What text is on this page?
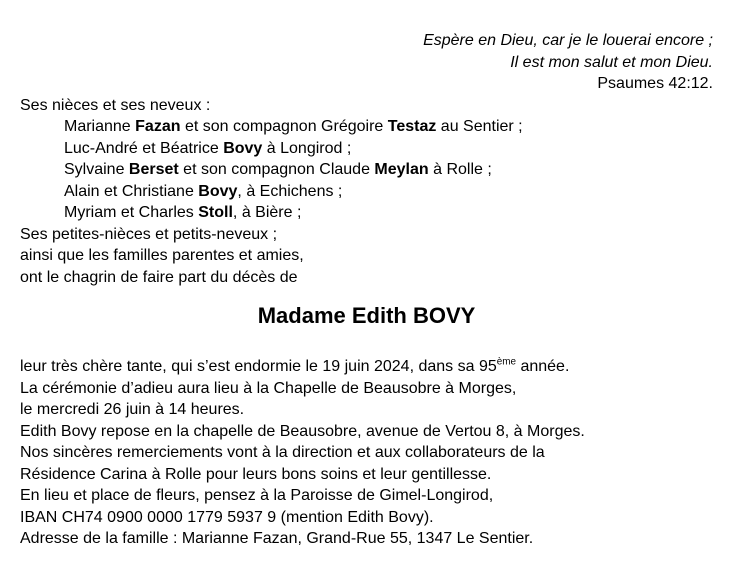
Espère en Dieu, car je le louerai encore ;
Il est mon salut et mon Dieu.
Psaumes 42:12.
Ses nièces et ses neveux :
Marianne Fazan et son compagnon Grégoire Testaz au Sentier ;
Luc-André et Béatrice Bovy à Longirod ;
Sylvaine Berset et son compagnon Claude Meylan à Rolle ;
Alain et Christiane Bovy, à Echichens ;
Myriam et Charles Stoll, à Bière ;
Ses petites-nièces et petits-neveux ;
ainsi que les familles parentes et amies,
ont le chagrin de faire part du décès de
Madame Edith BOVY
leur très chère tante, qui s’est endormie le 19 juin 2024, dans sa 95ème année.
La cérémonie d’adieu aura lieu à la Chapelle de Beausobre à Morges,
le mercredi 26 juin à 14 heures.
Edith Bovy repose en la chapelle de Beausobre, avenue de Vertou 8, à Morges.
Nos sincères remerciements vont à la direction et aux collaborateurs de la
Résidence Carina à Rolle pour leurs bons soins et leur gentillesse.
En lieu et place de fleurs, pensez à la Paroisse de Gimel-Longirod,
IBAN CH74 0900 0000 1779 5937 9 (mention Edith Bovy).
Adresse de la famille : Marianne Fazan, Grand-Rue 55, 1347 Le Sentier.
